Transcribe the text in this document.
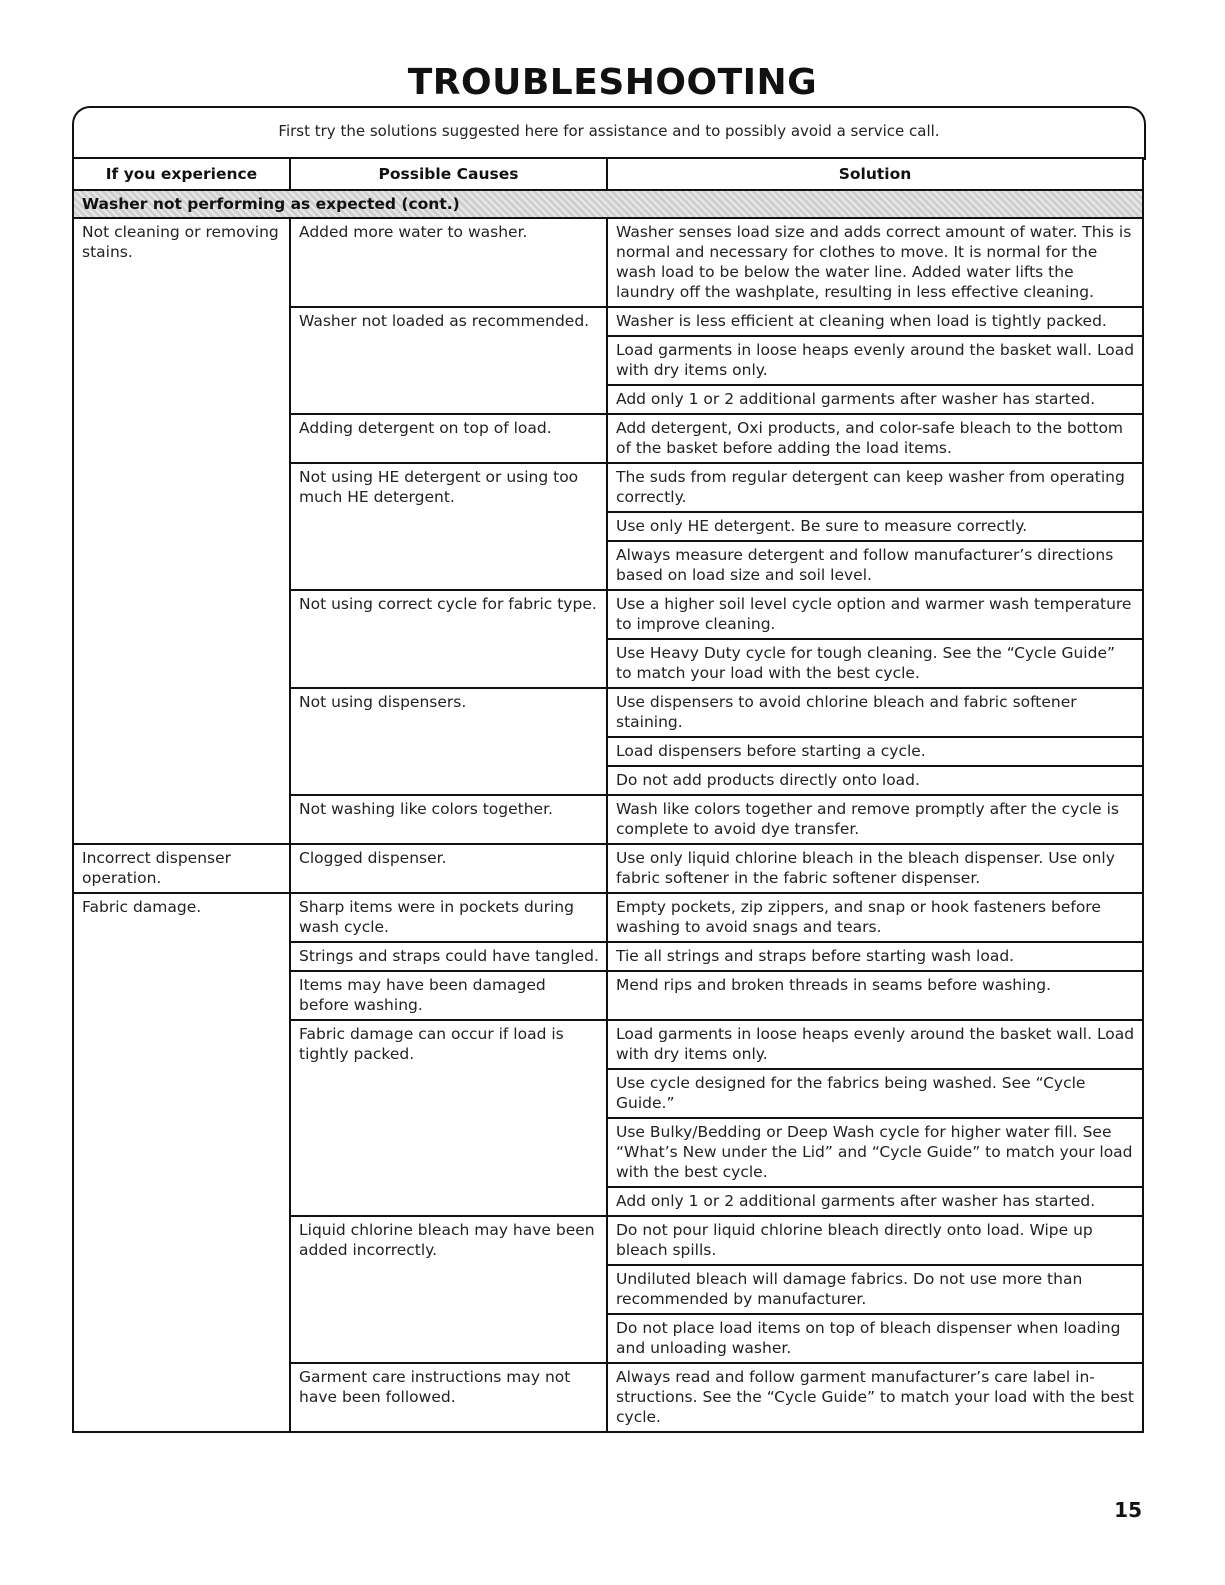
TROUBLESHOOTING
First try the solutions suggested here for assistance and to possibly avoid a service call.
If you experience	Possible Causes	Solution
Washer not performing as expected (cont.)		
Not cleaning or removing stains.	Added more water to washer.	Washer senses load size and adds correct amount of water. This is normal and necessary for clothes to move. It is normal for the wash load to be below the water line. Added water lifts the laundry off the washplate, resulting in less effective cleaning.
	Washer not loaded as recommended.	Washer is less efficient at cleaning when load is tightly packed.
		Load garments in loose heaps evenly around the basket wall. Load with dry items only.
		Add only 1 or 2 additional garments after washer has started.
	Adding detergent on top of load.	Add detergent, Oxi products, and color-safe bleach to the bottom of the basket before adding the load items.
	Not using HE detergent or using too much HE detergent.	The suds from regular detergent can keep washer from operating correctly.
		Use only HE detergent. Be sure to measure correctly.
		Always measure detergent and follow manufacturer’s directions based on load size and soil level.
	Not using correct cycle for fabric type.	Use a higher soil level cycle option and warmer wash temperature to improve cleaning.
		Use Heavy Duty cycle for tough cleaning. See the “Cycle Guide” to match your load with the best cycle.
	Not using dispensers.	Use dispensers to avoid chlorine bleach and fabric softener staining.
		Load dispensers before starting a cycle.
		Do not add products directly onto load.
	Not washing like colors together.	Wash like colors together and remove promptly after the cycle is complete to avoid dye transfer.
Incorrect dispenser operation.	Clogged dispenser.	Use only liquid chlorine bleach in the bleach dispenser. Use only fabric softener in the fabric softener dispenser.
Fabric damage.	Sharp items were in pockets during wash cycle.	Empty pockets, zip zippers, and snap or hook fasteners before washing to avoid snags and tears.
	Strings and straps could have tangled.	Tie all strings and straps before starting wash load.
	Items may have been damaged before washing.	Mend rips and broken threads in seams before washing.
	Fabric damage can occur if load is tightly packed.	Load garments in loose heaps evenly around the basket wall. Load with dry items only.
		Use cycle designed for the fabrics being washed. See “Cycle Guide.”
		Use Bulky/Bedding or Deep Wash cycle for higher water fill. See “What’s New under the Lid” and “Cycle Guide” to match your load with the best cycle.
		Add only 1 or 2 additional garments after washer has started.
	Liquid chlorine bleach may have been added incorrectly.	Do not pour liquid chlorine bleach directly onto load. Wipe up bleach spills.
		Undiluted bleach will damage fabrics. Do not use more than recommended by manufacturer.
		Do not place load items on top of bleach dispenser when loading and unloading washer.
	Garment care instructions may not have been followed.	Always read and follow garment manufacturer’s care label in-structions. See the “Cycle Guide” to match your load with the best cycle.
15
